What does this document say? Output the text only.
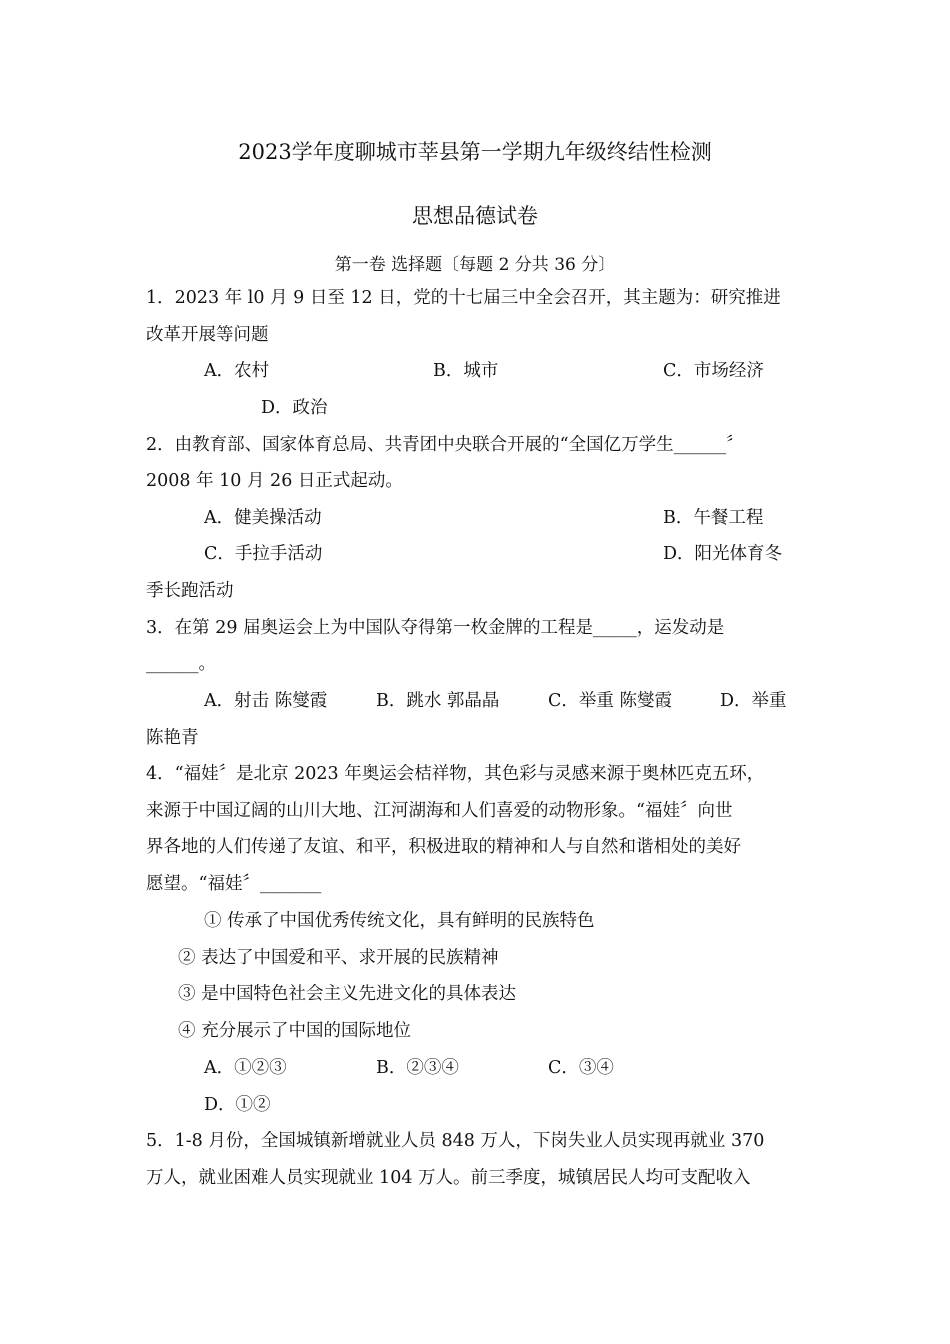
2023学年度聊城市莘县第一学期九年级终结性检测
思想品德试卷
第一卷 选择题〔每题 2 分共 36 分〕
1．2023 年 l0 月 9 日至 12 日，党的十七届三中全会召开，其主题为：研究推进
改革开展等问题
A．农村	B．城市	C．市场经济
D．政治
2．由教育部、国家体育总局、共青团中央联合开展的“全国亿万学生______〞
2008 年 10 月 26 日正式起动。
A．健美操活动	B．午餐工程
C．手拉手活动	D．阳光体育冬
季长跑活动
3．在第 29 届奥运会上为中国队夺得第一枚金牌的工程是_____，运发动是
______。
A．射击 陈燮霞	B．跳水 郭晶晶	C．举重 陈燮霞	D．举重
陈艳青
4．“福娃〞是北京 2023 年奥运会桔祥物，其色彩与灵感来源于奥林匹克五环，
来源于中国辽阔的山川大地、江河湖海和人们喜爱的动物形象。“福娃〞向世
界各地的人们传递了友谊、和平，积极进取的精神和人与自然和谐相处的美好
愿望。“福娃〞_______
① 传承了中国优秀传统文化，具有鲜明的民族特色
② 表达了中国爱和平、求开展的民族精神
③ 是中国特色社会主义先进文化的具体表达
④ 充分展示了中国的国际地位
A．①②③	B．②③④	C．③④
D．①②
5．1-8 月份，全国城镇新增就业人员 848 万人，下岗失业人员实现再就业 370
万人，就业困难人员实现就业 104 万人。前三季度，城镇居民人均可支配收入
